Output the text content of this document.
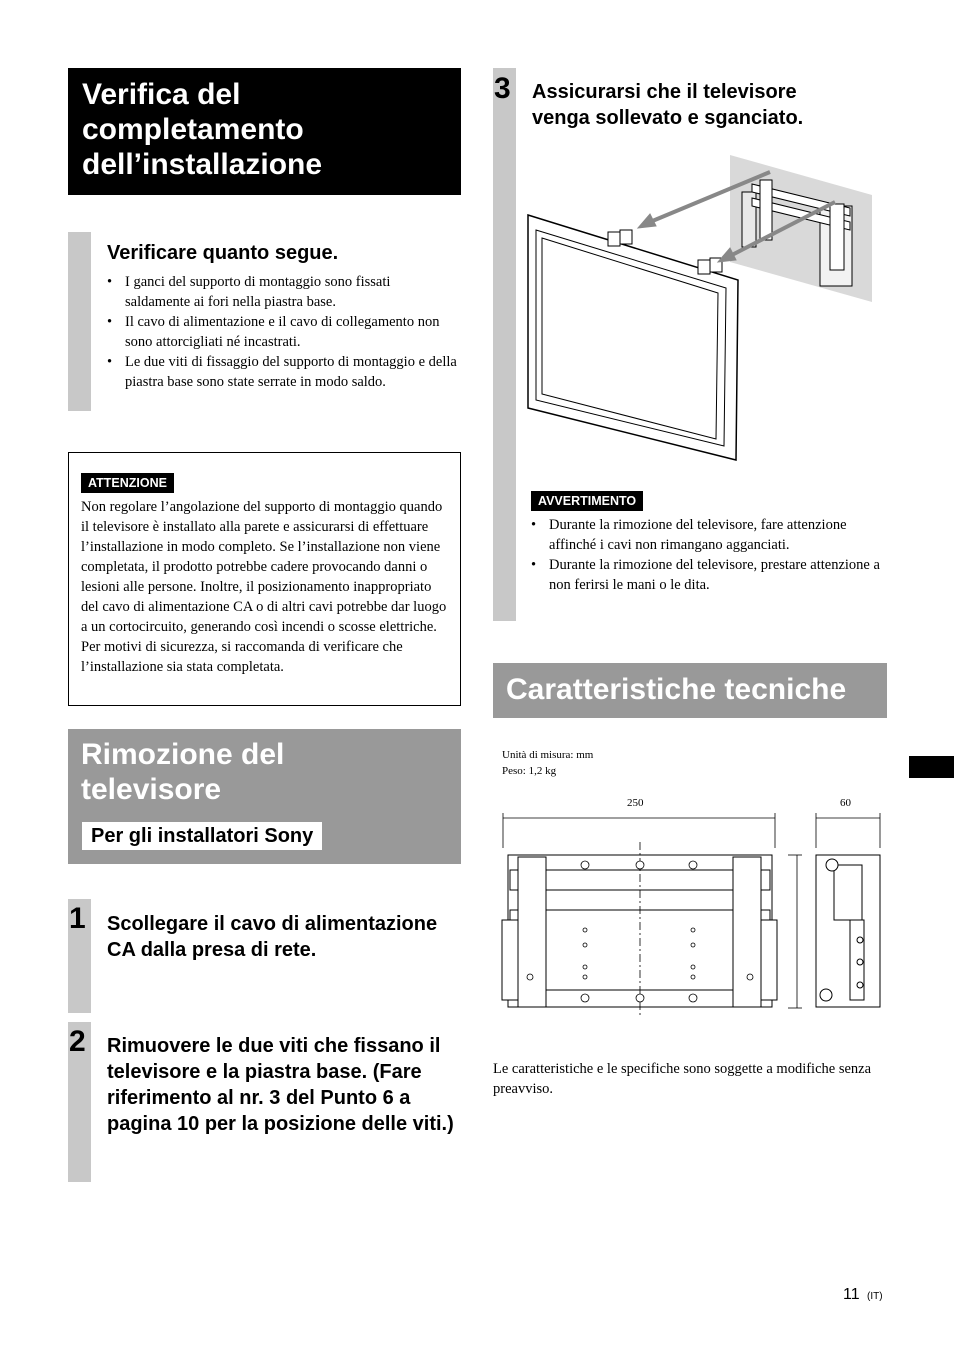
Verifica del
completamento
dell’installazione
Verificare quanto segue.
• I ganci del supporto di montaggio sono fissati saldamente ai fori nella piastra base.
• Il cavo di alimentazione e il cavo di collegamento non sono attorcigliati né incastrati.
• Le due viti di fissaggio del supporto di montaggio e della piastra base sono state serrate in modo saldo.
ATTENZIONE
Non regolare l’angolazione del supporto di montaggio quando il televisore è installato alla parete e assicurarsi di effettuare l’installazione in modo completo. Se l’installazione non viene completata, il prodotto potrebbe cadere provocando danni o lesioni alle persone. Inoltre, il posizionamento inappropriato del cavo di alimentazione CA o di altri cavi potrebbe dar luogo a un cortocircuito, generando così incendi o scosse elettriche.
Per motivi di sicurezza, si raccomanda di verificare che l’installazione sia stata completata.
Rimozione del
televisore
Per gli installatori Sony
1 Scollegare il cavo di alimentazione CA dalla presa di rete.
2 Rimuovere le due viti che fissano il televisore e la piastra base. (Fare riferimento al nr. 3 del Punto 6 a pagina 10 per la posizione delle viti.)
3 Assicurarsi che il televisore venga sollevato e sganciato.
AVVERTIMENTO
• Durante la rimozione del televisore, fare attenzione affinché i cavi non rimangano agganciati.
• Durante la rimozione del televisore, prestare attenzione a non ferirsi le mani o le dita.
Caratteristiche tecniche
Unità di misura: mm
Peso: 1,2 kg
250	60
Le caratteristiche e le specifiche sono soggette a modifiche senza preavviso.
11 (IT)
